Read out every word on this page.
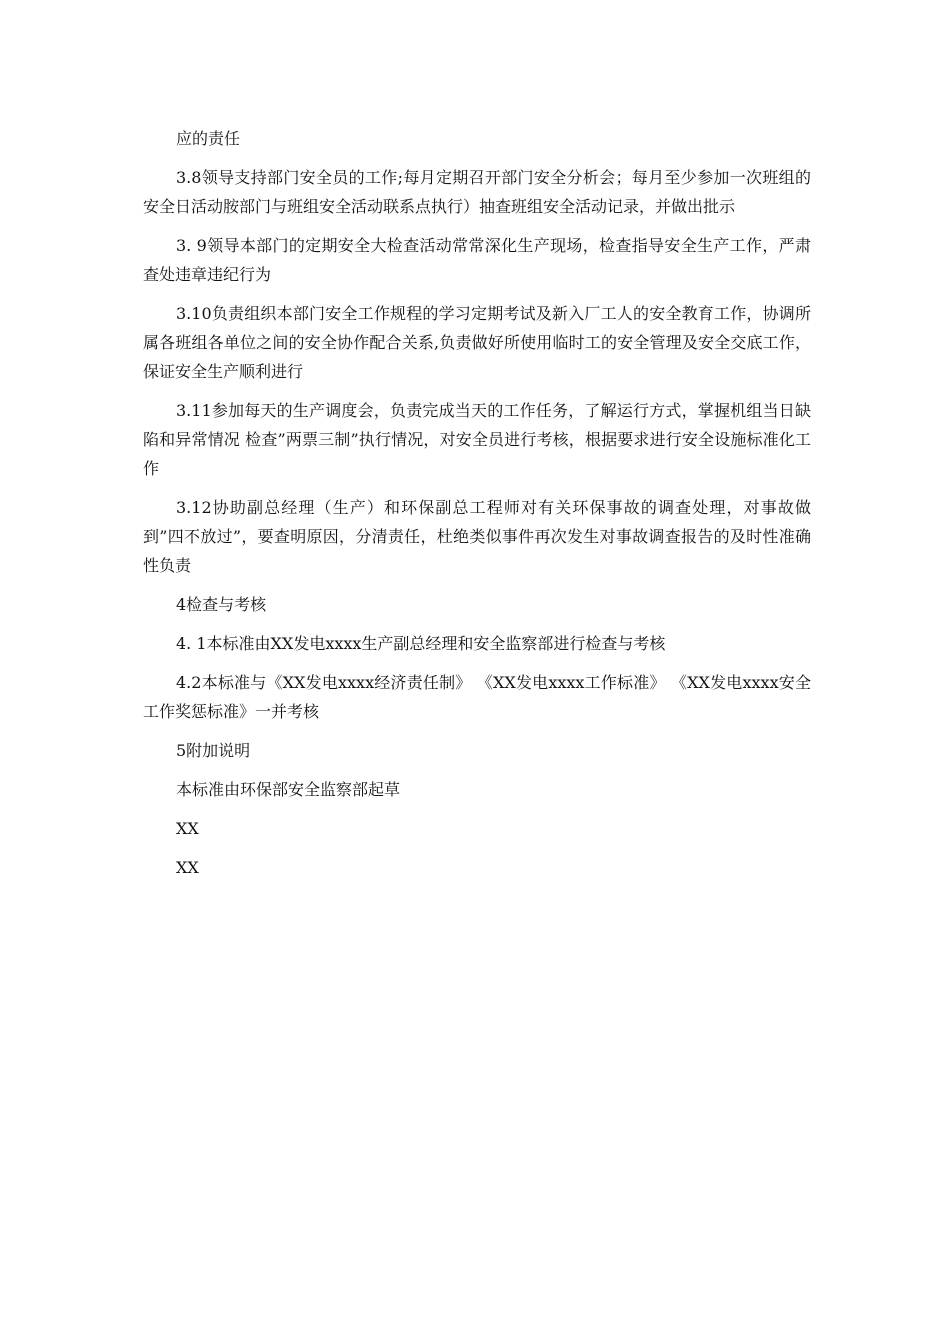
应的责任

3.8领导支持部门安全员的工作;每月定期召开部门安全分析会；每月至少参加一次班组的安全日活动胺部门与班组安全活动联系点执行）抽查班组安全活动记录，并做出批示

3. 9领导本部门的定期安全大检查活动常常深化生产现场，检查指导安全生产工作，严肃查处违章违纪行为

3.10负责组织本部门安全工作规程的学习定期考试及新入厂工人的安全教育工作，协调所属各班组各单位之间的安全协作配合关系,负责做好所使用临时工的安全管理及安全交底工作，保证安全生产顺利进行

3.11参加每天的生产调度会，负责完成当天的工作任务，了解运行方式，掌握机组当日缺陷和异常情况 检查”两票三制”执行情况，对安全员进行考核，根据要求进行安全设施标准化工作

3.12协助副总经理（生产）和环保副总工程师对有关环保事故的调查处理，对事故做到”四不放过”，要查明原因，分清责任，杜绝类似事件再次发生对事故调查报告的及时性准确性负责

4检查与考核

4. 1本标准由XX发电xxxx生产副总经理和安全监察部进行检查与考核

4.2本标准与《XX发电xxxx经济责任制》 《XX发电xxxx工作标准》 《XX发电xxxx安全工作奖惩标准》一并考核

5附加说明

本标准由环保部安全监察部起草

XX

XX
